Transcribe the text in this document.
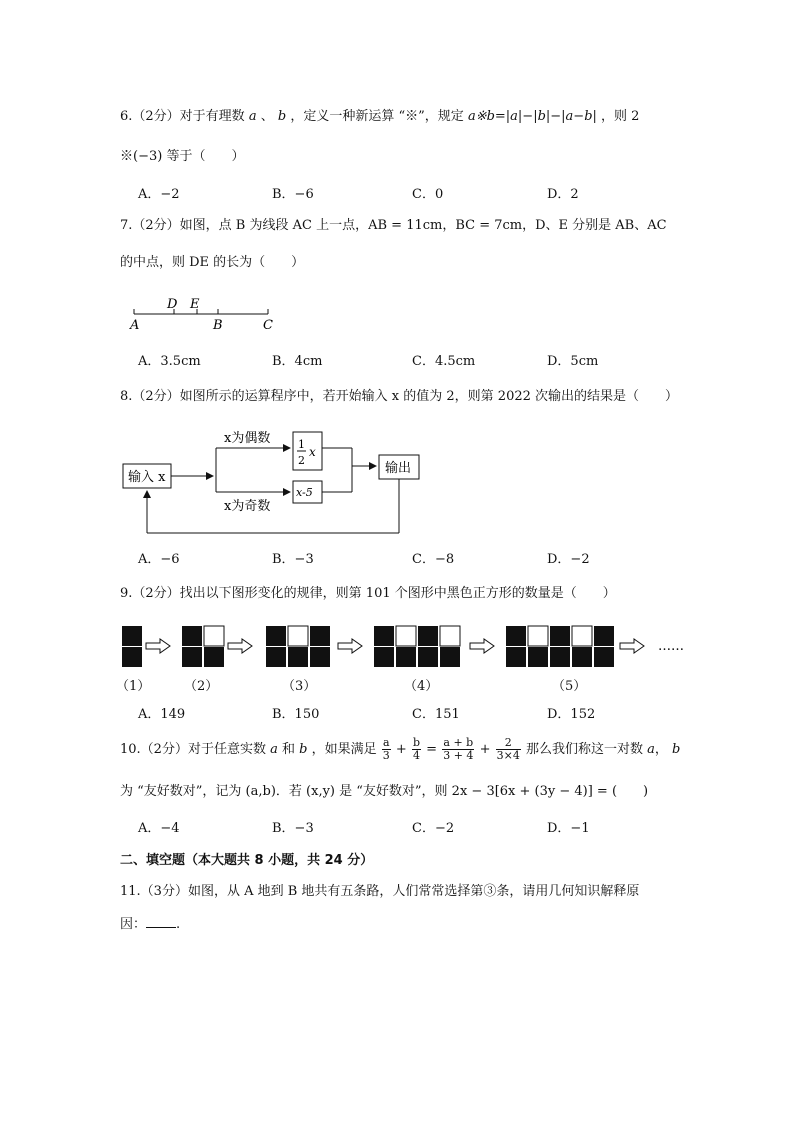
6.（2分）对于有理数 a 、 b ，定义一种新运算 “※”，规定 a※b=|a|−|b|−|a−b| ，则 2
※(−3) 等于（　　）
A．−2	B．−6	C．0	D．2
7.（2分）如图，点 B 为线段 AC 上一点，AB = 11cm，BC = 7cm，D、E 分别是 AB、AC
的中点，则 DE 的长为（　　）
A
D E
B	C
A．3.5cm	B．4cm	C．4.5cm	D．5cm
8.（2分）如图所示的运算程序中，若开始输入 x 的值为 2，则第 2022 次输出的结果是（　　）
输入 x
x为偶数
x为奇数
1
2
x
x-5
输出
A．−6	B．−3	C．−8	D．−2
9.（2分）找出以下图形变化的规律，则第 101 个图形中黑色正方形的数量是（　　）
……
（1）	（2）	（3）	（4）	（5）
A．149	B．150	C．151	D．152
10.（2分）对于任意实数 a 和 b ，如果满足 $\frac{a}{3} + \frac{b}{4} = \frac{a + b}{3 + 4} + \frac{2}{3\times 4}$ 那么我们称这一对数 a， b
为 “友好数对”，记为 (a,b)．若 (x,y) 是 “友好数对”，则 2x − 3[6x + (3y − 4)] = (　　)
A．−4	B．−3	C．−2	D．−1
二、填空题（本大题共 8 小题，共 24 分）
11.（3分）如图，从 A 地到 B 地共有五条路，人们常常选择第③条，请用几何知识解释原
因： .
